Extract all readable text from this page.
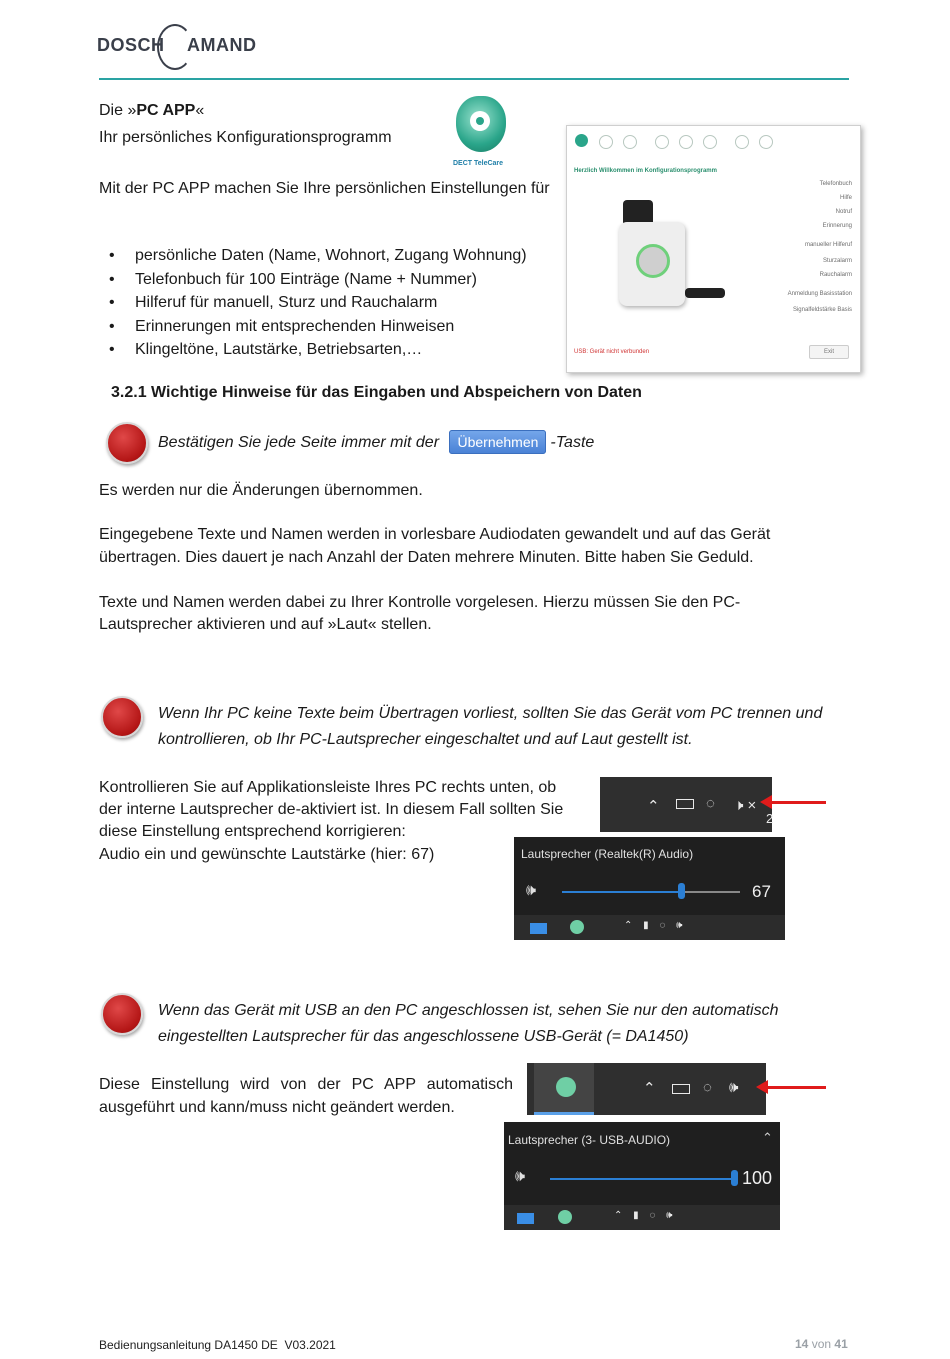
DOSCH AMAND
Die »PC APP«
Ihr persönliches Konfigurationsprogramm
DECT TeleCare
Mit der PC APP machen Sie Ihre persönlichen Einstellungen für
• persönliche Daten (Name, Wohnort, Zugang Wohnung)
• Telefonbuch für 100 Einträge (Name + Nummer)
• Hilferuf für manuell, Sturz und Rauchalarm
• Erinnerungen mit entsprechenden Hinweisen
• Klingeltöne, Lautstärke, Betriebsarten,…
Herzlich Willkommen im Konfigurationsprogramm
Telefonbuch
Hilfe
Notruf
Erinnerung
manueller Hilferuf
Sturzalarm
Rauchalarm
Anmeldung Basisstation
Signalfeldstärke Basis
USB: Gerät nicht verbunden	Exit
3.2.1 Wichtige Hinweise für das Eingaben und Abspeichern von Daten
Bestätigen Sie jede Seite immer mit der Übernehmen -Taste
Es werden nur die Änderungen übernommen.
Eingegebene Texte und Namen werden in vorlesbare Audiodaten gewandelt und auf das Gerät
übertragen. Dies dauert je nach Anzahl der Daten mehrere Minuten. Bitte haben Sie Geduld.
Texte und Namen werden dabei zu Ihrer Kontrolle vorgelesen. Hierzu müssen Sie den PC-
Lautsprecher aktivieren und auf »Laut« stellen.
Wenn Ihr PC keine Texte beim Übertragen vorliest, sollten Sie das Gerät vom PC trennen und
kontrollieren, ob Ihr PC-Lautsprecher eingeschaltet und auf Laut gestellt ist.
Kontrollieren Sie auf Applikationsleiste Ihres PC rechts unten, ob
der interne Lautsprecher de-aktiviert ist. In diesem Fall sollten Sie
diese Einstellung entsprechend korrigieren:
Audio ein und gewünschte Lautstärke (hier: 67)
⌃	◌ 🕨×
2
Lautsprecher (Realtek(R) Audio)
🕪	67
⌃ ▮ ◌ 🕪
Wenn das Gerät mit USB an den PC angeschlossen ist, sehen Sie nur den automatisch
eingestellten Lautsprecher für das angeschlossene USB-Gerät (= DA1450)
Diese Einstellung wird von der PC APP automatisch
ausgeführt und kann/muss nicht geändert werden.
⌃	◌ 🕪
Lautsprecher (3- USB-AUDIO)	⌃
🕪	100
⌃ ▮ ◌ 🕪
Bedienungsanleitung DA1450 DE  V03.2021	14 von 41
